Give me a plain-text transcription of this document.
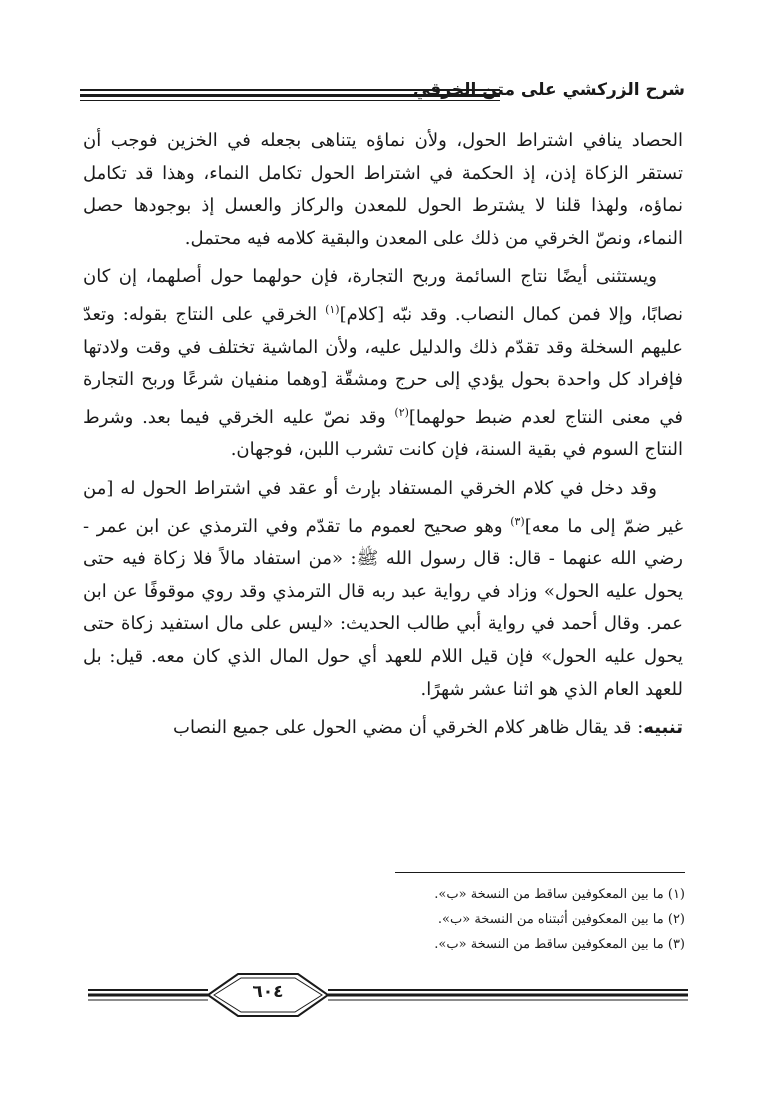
شرح الزركشي على متن الخرقي

الحصاد ينافي اشتراط الحول، ولأن نماؤه يتناهى بجعله في الخزين فوجب أن تستقر الزكاة إذن، إذ الحكمة في اشتراط الحول تكامل النماء، وهذا قد تكامل نماؤه، ولهذا قلنا لا يشترط الحول للمعدن والركاز والعسل إذ بوجودها حصل النماء، ونصّ الخرقي من ذلك على المعدن والبقية كلامه فيه محتمل.

ويستثنى أيضًا نتاج السائمة وربح التجارة، فإن حولهما حول أصلهما، إن كان نصابًا، وإلا فمن كمال النصاب. وقد نبّه [كلام]$^{(١)}$ الخرقي على النتاج بقوله: وتعدّ عليهم السخلة وقد تقدّم ذلك والدليل عليه، ولأن الماشية تختلف في وقت ولادتها فإفراد كل واحدة بحول يؤدي إلى حرج ومشقّة [وهما منفيان شرعًا وربح التجارة في معنى النتاج لعدم ضبط حولهما]$^{(٢)}$ وقد نصّ عليه الخرقي فيما بعد. وشرط النتاج السوم في بقية السنة، فإن كانت تشرب اللبن، فوجهان.

وقد دخل في كلام الخرقي المستفاد بإرث أو عقد في اشتراط الحول له [من غير ضمّ إلى ما معه]$^{(٣)}$ وهو صحيح لعموم ما تقدّم وفي الترمذي عن ابن عمر - رضي الله عنهما - قال: قال رسول الله ﷺ: «من استفاد مالاً فلا زكاة فيه حتى يحول عليه الحول» وزاد في رواية عبد ربه قال الترمذي وقد روي موقوفًا عن ابن عمر. وقال أحمد في رواية أبي طالب الحديث: «ليس على مال استفيد زكاة حتى يحول عليه الحول» فإن قيل اللام للعهد أي حول المال الذي كان معه. قيل: بل للعهد العام الذي هو اثنا عشر شهرًا.

تنبيه: قد يقال ظاهر كلام الخرقي أن مضي الحول على جميع النصاب

(١) ما بين المعكوفين ساقط من النسخة «ب».
(٢) ما بين المعكوفين أثبتناه من النسخة «ب».
(٣) ما بين المعكوفين ساقط من النسخة «ب».
٦٠٤
